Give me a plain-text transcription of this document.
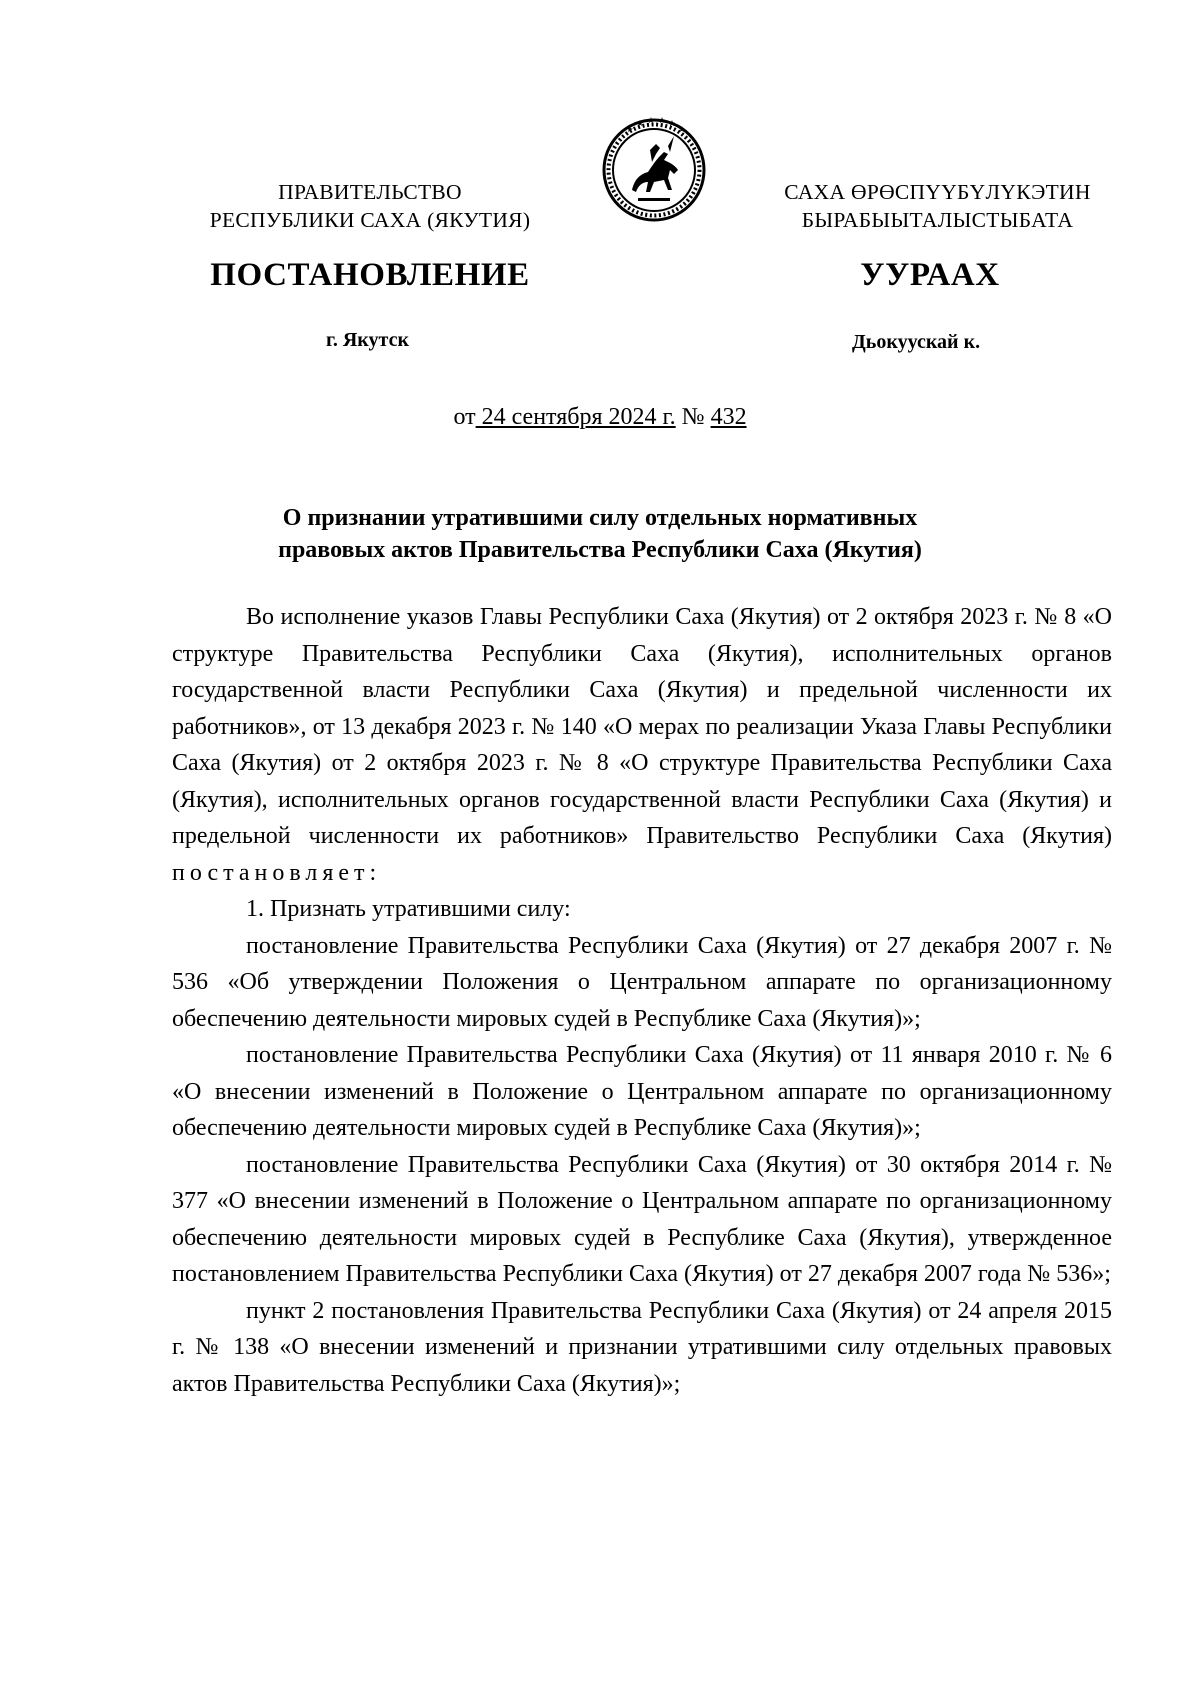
ПРАВИТЕЛЬСТВО
РЕСПУБЛИКИ САХА (ЯКУТИЯ)
САХА ӨРӨСПҮҮБҮЛҮКЭТИН
БЫРАБЫЫТАЛЫСТЫБАТА
ПОСТАНОВЛЕНИЕ	УУРААХ
г. Якутск	Дьокуускай к.
от 24 сентября 2024 г. № 432
О признании утратившими силу отдельных нормативных
правовых актов Правительства Республики Саха (Якутия)

Во исполнение указов Главы Республики Саха (Якутия) от 2 октября 2023 г. № 8 «О структуре Правительства Республики Саха (Якутия), исполнительных органов государственной власти Республики Саха (Якутия) и предельной численности их работников», от 13 декабря 2023 г. № 140 «О мерах по реализации Указа Главы Республики Саха (Якутия) от 2 октября 2023 г. № 8 «О структуре Правительства Республики Саха (Якутия), исполнительных органов государственной власти Республики Саха (Якутия) и предельной численности их работников» Правительство Республики Саха (Якутия) постановляет:

1. Признать утратившими силу:

постановление Правительства Республики Саха (Якутия) от 27 декабря 2007 г. № 536 «Об утверждении Положения о Центральном аппарате по организационному обеспечению деятельности мировых судей в Республике Саха (Якутия)»;

постановление Правительства Республики Саха (Якутия) от 11 января 2010 г. № 6 «О внесении изменений в Положение о Центральном аппарате по организационному обеспечению деятельности мировых судей в Республике Саха (Якутия)»;

постановление Правительства Республики Саха (Якутия) от 30 октября 2014 г. № 377 «О внесении изменений в Положение о Центральном аппарате по организационному обеспечению деятельности мировых судей в Республике Саха (Якутия), утвержденное постановлением Правительства Республики Саха (Якутия) от 27 декабря 2007 года № 536»;

пункт 2 постановления Правительства Республики Саха (Якутия) от 24 апреля 2015 г. № 138 «О внесении изменений и признании утратившими силу отдельных правовых актов Правительства Республики Саха (Якутия)»;
